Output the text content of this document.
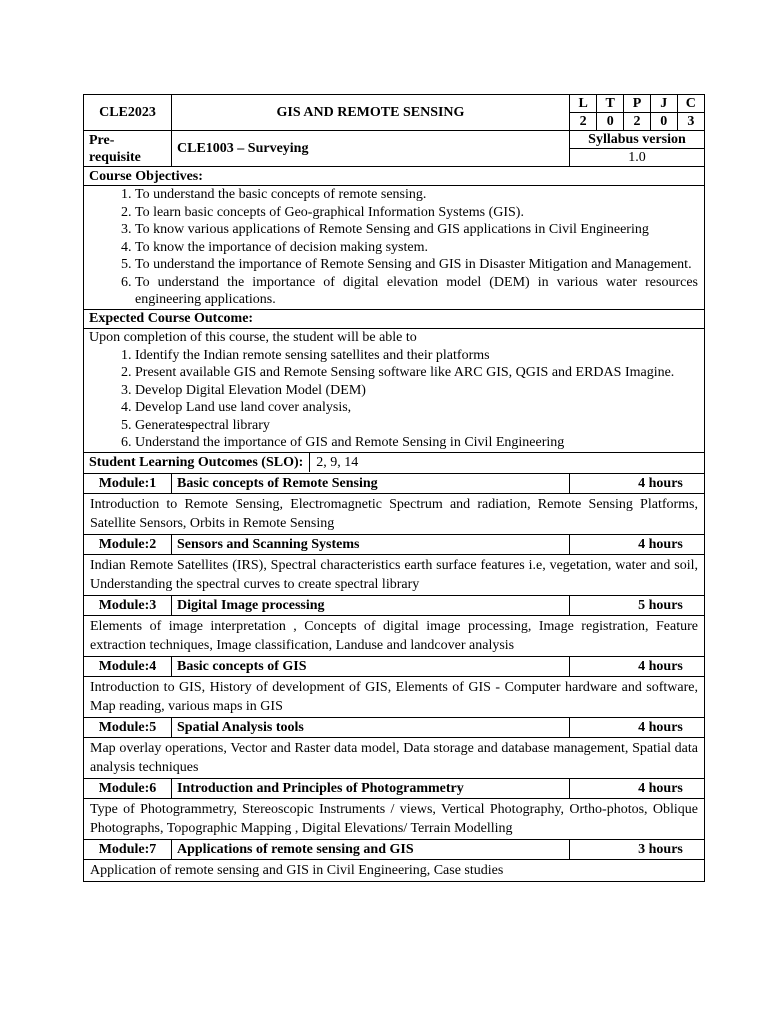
CLE2023	GIS AND REMOTE SENSING	
L	T	P	J	C
2	0	2	0	3

Pre-requisite	CLE1003 – Surveying	
Syllabus version
1.0

Course Objectives:

1. To understand the basic concepts of remote sensing.
2. To learn basic concepts of Geo-graphical Information Systems (GIS).
3. To know various applications of Remote Sensing and GIS applications in Civil Engineering
4. To know the importance of decision making system.
5. To understand the importance of Remote Sensing and GIS in Disaster Mitigation and Management.
6. To understand the importance of digital elevation model (DEM) in various water resources engineering applications.

Expected Course Outcome:

Upon completion of this course, the student will be able to
1. Identify the Indian remote sensing satellites and their platforms
2. Present available GIS and Remote Sensing software like ARC GIS, QGIS and ERDAS Imagine.
3. Develop Digital Elevation Model (DEM)
4. Develop Land use land cover analysis,
5. Generatespectral library
6. Understand the importance of GIS and Remote Sensing in Civil Engineering

Student Learning Outcomes (SLO): 2, 9, 14
Module:1	Basic concepts of Remote Sensing	4 hours
Introduction to Remote Sensing, Electromagnetic Spectrum and radiation, Remote Sensing Platforms, Satellite Sensors, Orbits in Remote Sensing
Module:2	Sensors and Scanning Systems	4 hours
Indian Remote Satellites (IRS), Spectral characteristics earth surface features i.e, vegetation, water and soil, Understanding the spectral curves to create spectral library
Module:3	Digital Image processing	5 hours
Elements of image interpretation , Concepts of digital image processing, Image registration, Feature extraction techniques, Image classification, Landuse and landcover analysis
Module:4	Basic concepts of GIS	4 hours
Introduction to GIS, History of development of GIS, Elements of GIS - Computer hardware and software, Map reading, various maps in GIS
Module:5	Spatial Analysis tools	4 hours
Map overlay operations, Vector and Raster data model, Data storage and database management, Spatial data analysis techniques
Module:6	Introduction and Principles of Photogrammetry	4 hours
Type of Photogrammetry, Stereoscopic Instruments / views, Vertical Photography, Ortho-photos, Oblique Photographs, Topographic Mapping , Digital Elevations/ Terrain Modelling
Module:7	Applications of remote sensing and GIS	3 hours
Application of remote sensing and GIS in Civil Engineering, Case studies
